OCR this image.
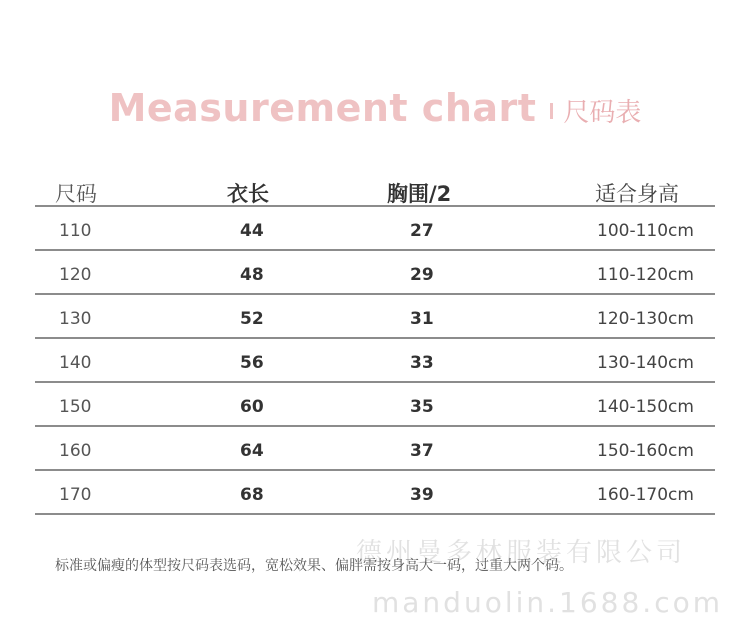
Measurement chart 尺码表
尺码	衣长	胸围/2	适合身高
110	44	27	100-110cm
120	48	29	110-120cm
130	52	31	120-130cm
140	56	33	130-140cm
150	60	35	140-150cm
160	64	37	150-160cm
170	68	39	160-170cm
德州曼多林服装有限公司
标准或偏瘦的体型按尺码表选码，宽松效果、偏胖需按身高大一码，过重大两个码。
manduolin.1688.com
